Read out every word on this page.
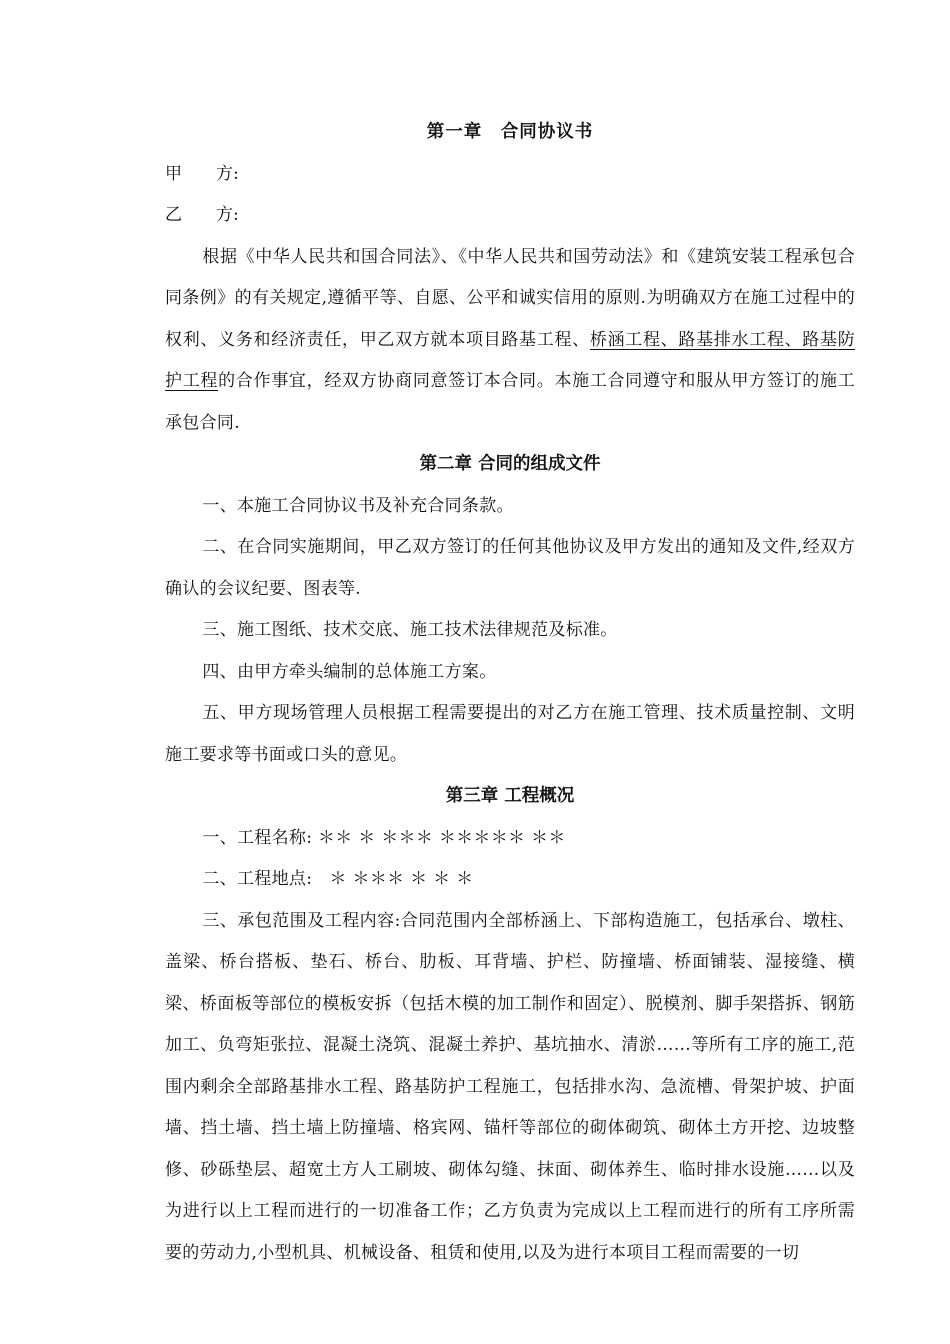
第一章　合同协议书

甲　　方:

乙　　方:

根据《中华人民共和国合同法》、《中华人民共和国劳动法》和《建筑安装工程承包合同条例》的有关规定,遵循平等、自愿、公平和诚实信用的原则.为明确双方在施工过程中的权利、义务和经济责任，甲乙双方就本项目路基工程、桥涵工程、路基排水工程、路基防护工程的合作事宜，经双方协商同意签订本合同。本施工合同遵守和服从甲方签订的施工承包合同.

第二章 合同的组成文件

一、本施工合同协议书及补充合同条款。

二、在合同实施期间，甲乙双方签订的任何其他协议及甲方发出的通知及文件,经双方确认的会议纪要、图表等.

三、施工图纸、技术交底、施工技术法律规范及标准。

四、由甲方牵头编制的总体施工方案。

五、甲方现场管理人员根据工程需要提出的对乙方在施工管理、技术质量控制、文明施工要求等书面或口头的意见。

第三章 工程概况

一、工程名称: ＊＊ ＊ ＊＊＊ ＊＊＊＊＊ ＊＊

二、工程地点:　＊ ＊＊＊ ＊ ＊ ＊

三、承包范围及工程内容:合同范围内全部桥涵上、下部构造施工，包括承台、墩柱、盖梁、桥台搭板、垫石、桥台、肋板、耳背墙、护栏、防撞墙、桥面铺装、湿接缝、横梁、桥面板等部位的模板安拆（包括木模的加工制作和固定）、脱模剂、脚手架搭拆、钢筋加工、负弯矩张拉、混凝土浇筑、混凝土养护、基坑抽水、清淤……等所有工序的施工,范围内剩余全部路基排水工程、路基防护工程施工，包括排水沟、急流槽、骨架护坡、护面墙、挡土墙、挡土墙上防撞墙、格宾网、锚杆等部位的砌体砌筑、砌体土方开挖、边坡整修、砂砾垫层、超宽土方人工刷坡、砌体勾缝、抹面、砌体养生、临时排水设施……以及为进行以上工程而进行的一切准备工作；乙方负责为完成以上工程而进行的所有工序所需要的劳动力,小型机具、机械设备、租赁和使用,以及为进行本项目工程而需要的一切
